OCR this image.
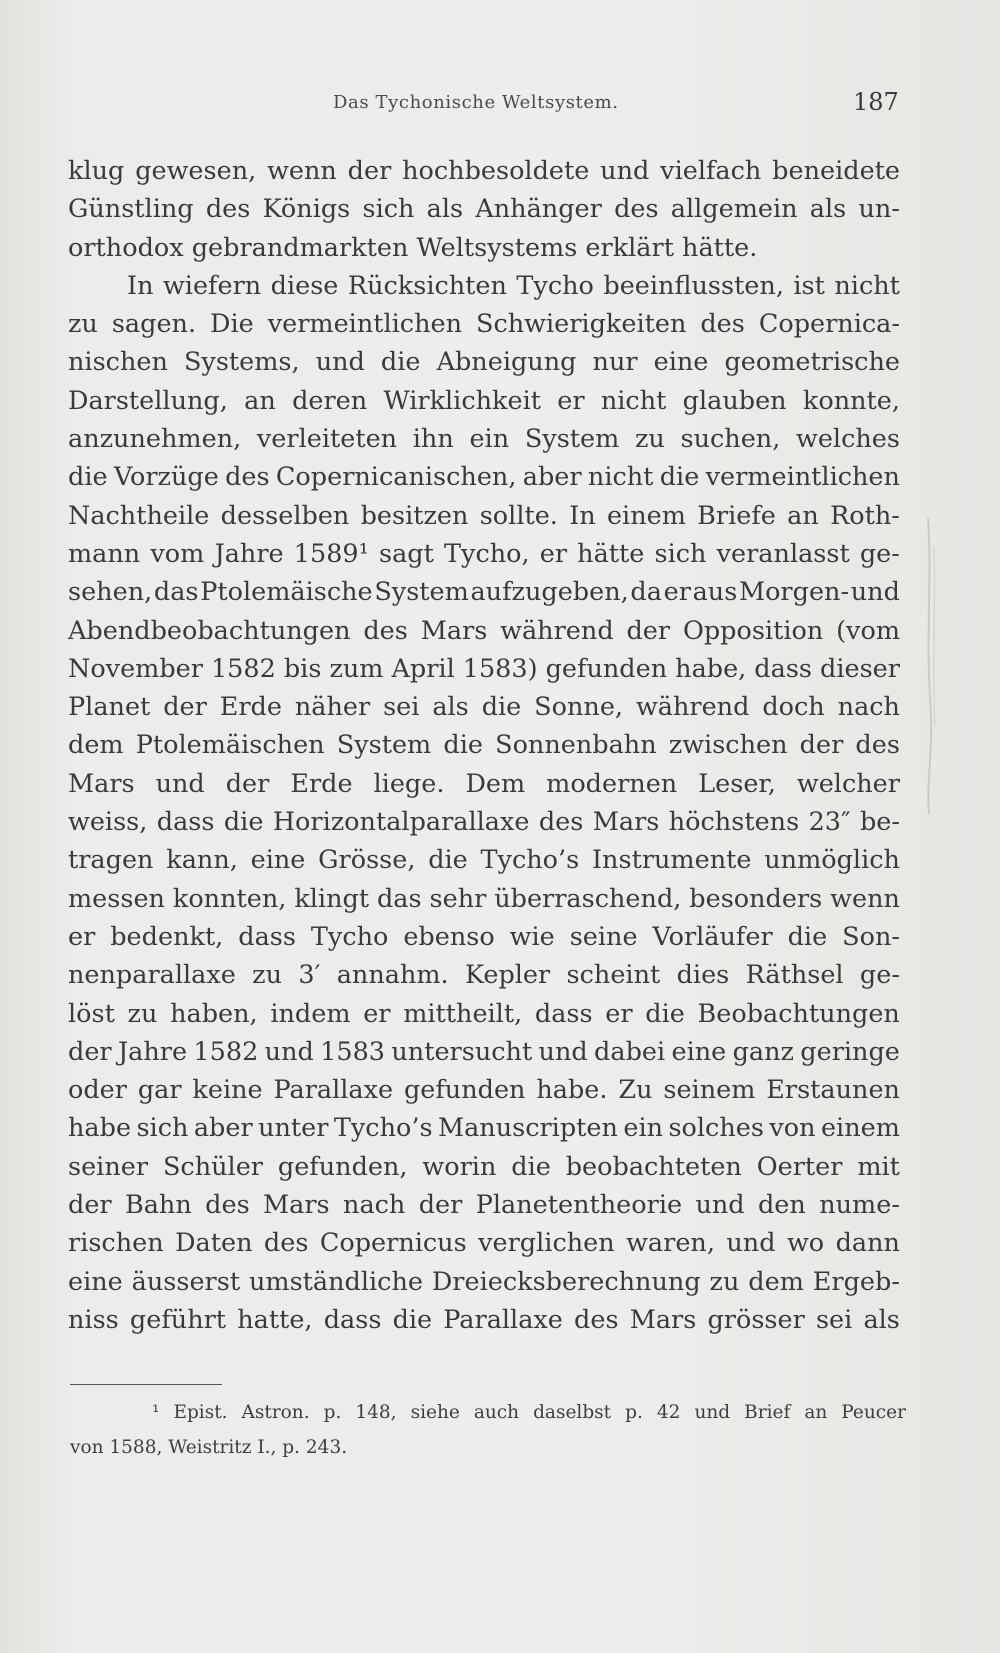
Das Tychonische Weltsystem.	187
klug gewesen, wenn der hochbesoldete und vielfach beneidete
Günstling des Königs sich als Anhänger des allgemein als un-
orthodox gebrandmarkten Weltsystems erklärt hätte.
In wiefern diese Rücksichten Tycho beeinflussten, ist nicht
zu sagen. Die vermeintlichen Schwierigkeiten des Copernica-
nischen Systems, und die Abneigung nur eine geometrische
Darstellung, an deren Wirklichkeit er nicht glauben konnte,
anzunehmen, verleiteten ihn ein System zu suchen, welches
die Vorzüge des Copernicanischen, aber nicht die vermeintlichen
Nachtheile desselben besitzen sollte. In einem Briefe an Roth-
mann vom Jahre 1589¹ sagt Tycho, er hätte sich veranlasst ge-
sehen, das Ptolemäische System aufzugeben, da er aus Morgen- und
Abendbeobachtungen des Mars während der Opposition (vom
November 1582 bis zum April 1583) gefunden habe, dass dieser
Planet der Erde näher sei als die Sonne, während doch nach
dem Ptolemäischen System die Sonnenbahn zwischen der des
Mars und der Erde liege. Dem modernen Leser, welcher
weiss, dass die Horizontalparallaxe des Mars höchstens 23″ be-
tragen kann, eine Grösse, die Tycho’s Instrumente unmöglich
messen konnten, klingt das sehr überraschend, besonders wenn
er bedenkt, dass Tycho ebenso wie seine Vorläufer die Son-
nenparallaxe zu 3′ annahm. Kepler scheint dies Räthsel ge-
löst zu haben, indem er mittheilt, dass er die Beobachtungen
der Jahre 1582 und 1583 untersucht und dabei eine ganz geringe
oder gar keine Parallaxe gefunden habe. Zu seinem Erstaunen
habe sich aber unter Tycho’s Manuscripten ein solches von einem
seiner Schüler gefunden, worin die beobachteten Oerter mit
der Bahn des Mars nach der Planetentheorie und den nume-
rischen Daten des Copernicus verglichen waren, und wo dann
eine äusserst umständliche Dreiecksberechnung zu dem Ergeb-
niss geführt hatte, dass die Parallaxe des Mars grösser sei als
¹ Epist. Astron. p. 148, siehe auch daselbst p. 42 und Brief an Peucer
von 1588, Weistritz I., p. 243.
